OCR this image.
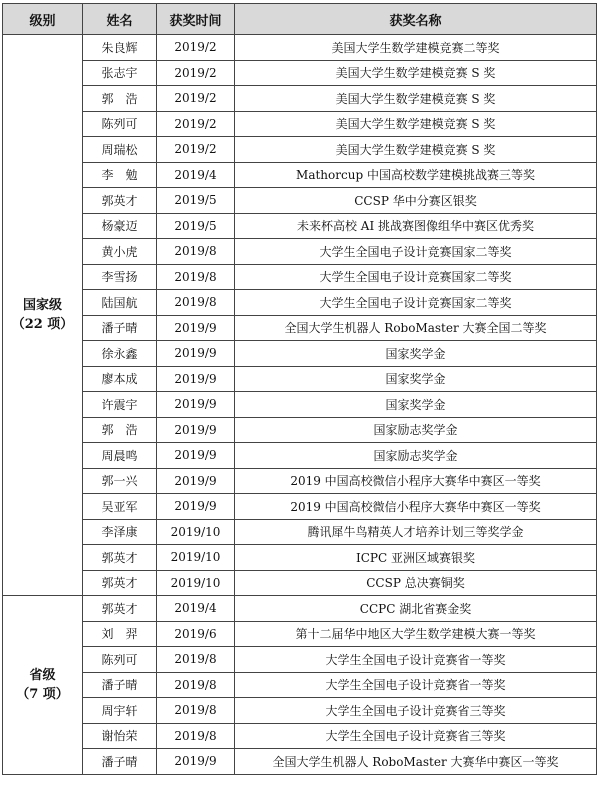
级别	姓名	获奖时间	获奖名称

国家级
（22 项）	朱良辉	2019/2	美国大学生数学建模竞赛二等奖
	张志宇	2019/2	美国大学生数学建模竞赛 S 奖
	郭　浩	2019/2	美国大学生数学建模竞赛 S 奖
	陈列可	2019/2	美国大学生数学建模竞赛 S 奖
	周瑞松	2019/2	美国大学生数学建模竞赛 S 奖
	李　勉	2019/4	Mathorcup 中国高校数学建模挑战赛三等奖
	郭英才	2019/5	CCSP 华中分赛区银奖
	杨豪迈	2019/5	未来杯高校 AI 挑战赛图像组华中赛区优秀奖
	黄小虎	2019/8	大学生全国电子设计竞赛国家二等奖
	李雪扬	2019/8	大学生全国电子设计竞赛国家二等奖
	陆国航	2019/8	大学生全国电子设计竞赛国家二等奖
	潘子晴	2019/9	全国大学生机器人 RoboMaster 大赛全国二等奖
	徐永鑫	2019/9	国家奖学金
	廖本成	2019/9	国家奖学金
	许震宇	2019/9	国家奖学金
	郭　浩	2019/9	国家励志奖学金
	周晨鸣	2019/9	国家励志奖学金
	郭一兴	2019/9	2019 中国高校微信小程序大赛华中赛区一等奖
	吴亚军	2019/9	2019 中国高校微信小程序大赛华中赛区一等奖
	李泽康	2019/10	腾讯犀牛鸟精英人才培养计划三等奖学金
	郭英才	2019/10	ICPC 亚洲区域赛银奖
	郭英才	2019/10	CCSP 总决赛铜奖

省级
（7 项）	郭英才	2019/4	CCPC 湖北省赛金奖
	刘　羿	2019/6	第十二届华中地区大学生数学建模大赛一等奖
	陈列可	2019/8	大学生全国电子设计竞赛省一等奖
	潘子晴	2019/8	大学生全国电子设计竞赛省一等奖
	周宇轩	2019/8	大学生全国电子设计竞赛省三等奖
	谢怡荣	2019/8	大学生全国电子设计竞赛省三等奖
	潘子晴	2019/9	全国大学生机器人 RoboMaster 大赛华中赛区一等奖
